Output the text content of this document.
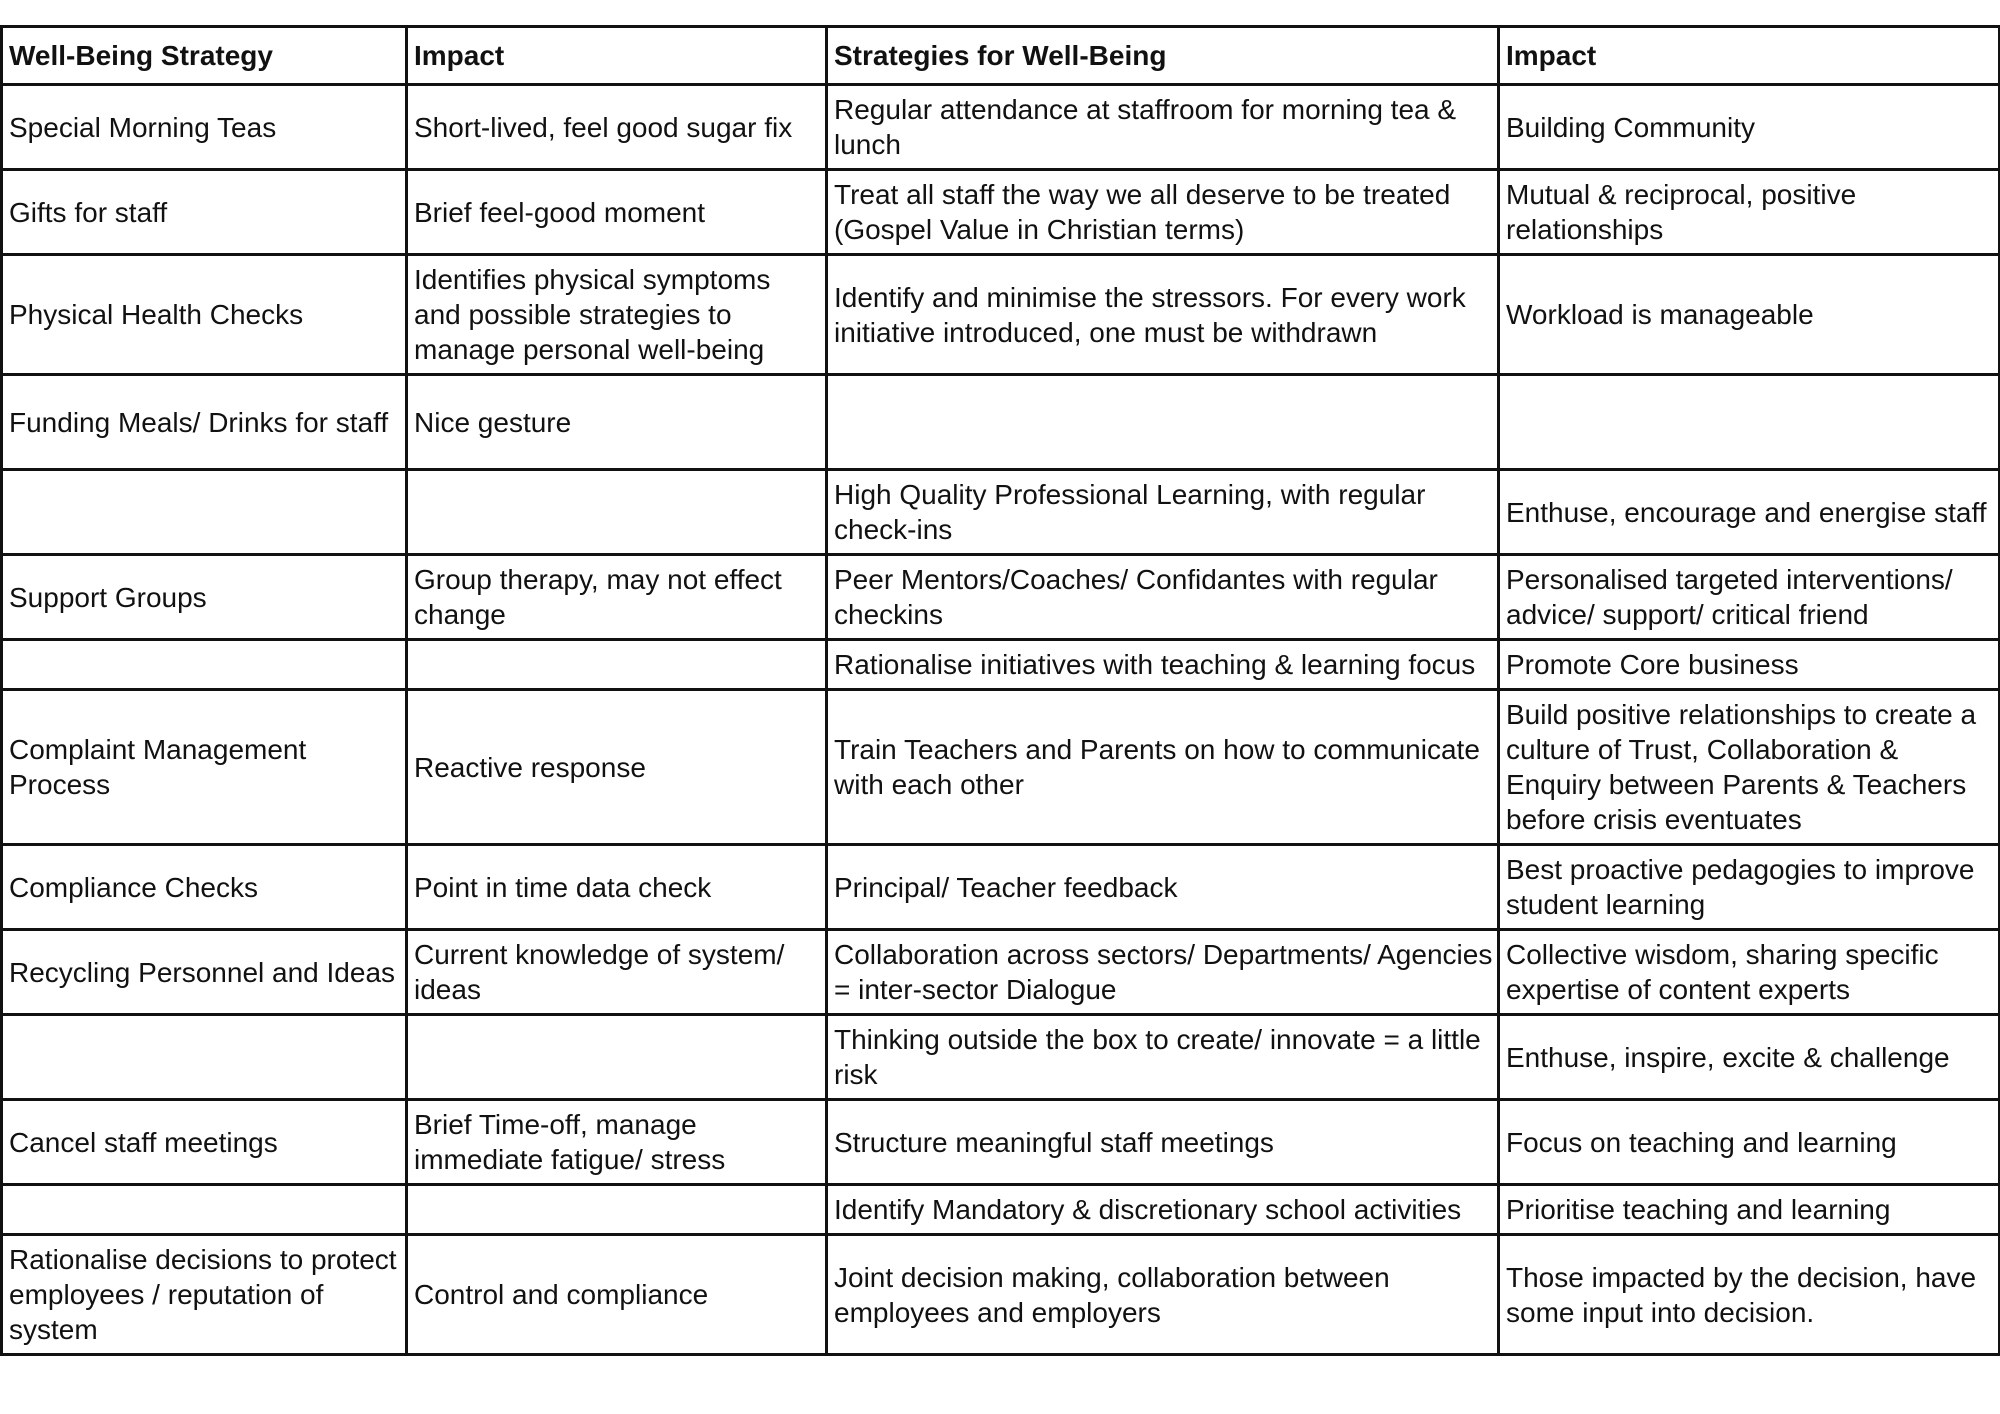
Well-Being Strategy	Impact	Strategies for Well-Being	Impact
Special Morning Teas	Short-lived, feel good sugar fix	Regular attendance at staffroom for morning tea & lunch	Building Community
Gifts for staff	Brief feel-good moment	Treat all staff the way we all deserve to be treated (Gospel Value in Christian terms)	Mutual & reciprocal, positive relationships
Physical Health Checks	Identifies physical symptoms and possible strategies to manage personal well-being	Identify and minimise the stressors. For every work initiative introduced, one must be withdrawn	Workload is manageable
Funding Meals/ Drinks for staff	Nice gesture		
		High Quality Professional Learning, with regular check-ins	Enthuse, encourage and energise staff
Support Groups	Group therapy, may not effect change	Peer Mentors/Coaches/ Confidantes with regular checkins	Personalised targeted interventions/ advice/ support/ critical friend
		Rationalise initiatives with teaching & learning focus	Promote Core business
Complaint Management Process	Reactive response	Train Teachers and Parents on how to communicate with each other	Build positive relationships to create a culture of Trust, Collaboration & Enquiry between Parents & Teachers before crisis eventuates
Compliance Checks	Point in time data check	Principal/ Teacher feedback	Best proactive pedagogies to improve student learning
Recycling Personnel and Ideas	Current knowledge of system/ ideas	Collaboration across sectors/ Departments/ Agencies = inter-sector Dialogue	Collective wisdom, sharing specific expertise of content experts
		Thinking outside the box to create/ innovate = a little risk	Enthuse, inspire, excite & challenge
Cancel staff meetings	Brief Time-off, manage immediate fatigue/ stress	Structure meaningful staff meetings	Focus on teaching and learning
		Identify Mandatory & discretionary school activities	Prioritise teaching and learning
Rationalise decisions to protect employees / reputation of system	Control and compliance	Joint decision making, collaboration between employees and employers	Those impacted by the decision, have some input into decision.
